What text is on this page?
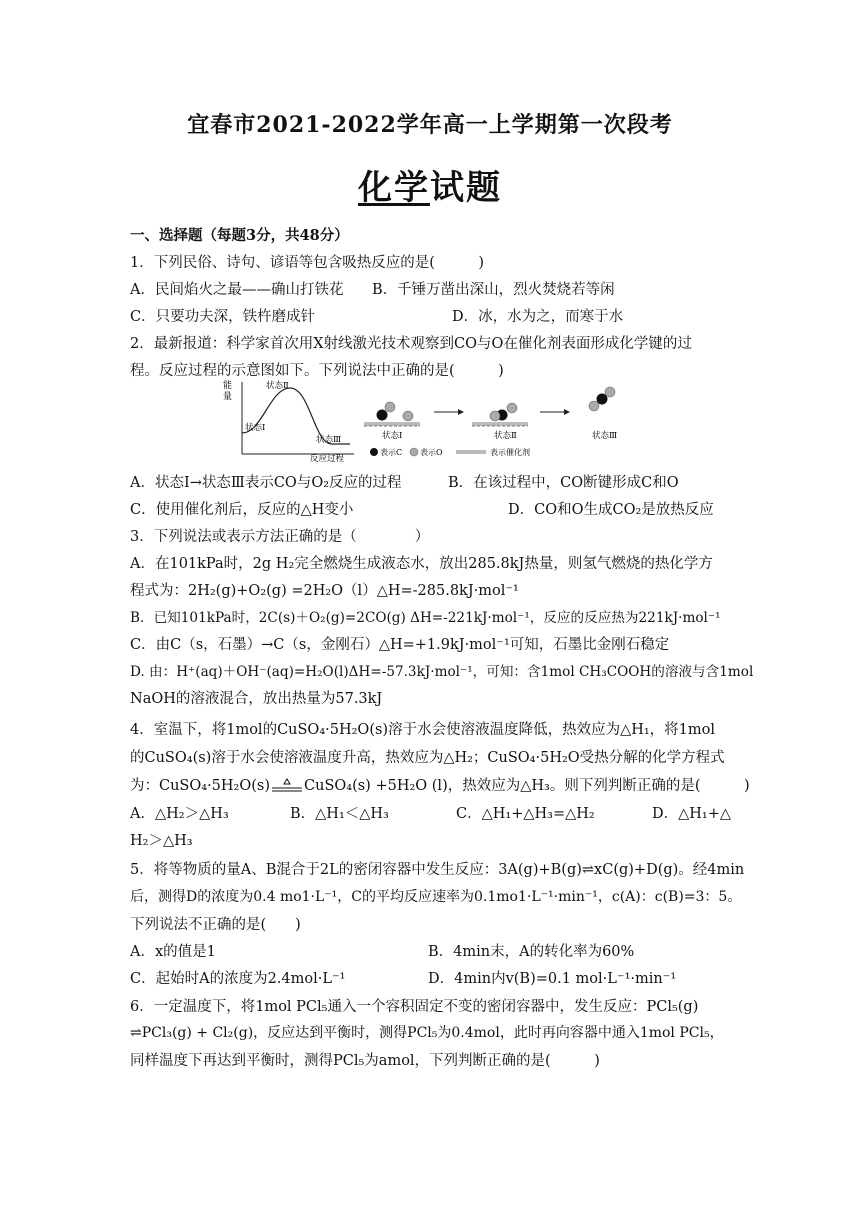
宜春市2021-2022学年高一上学期第一次段考
化学试题
一、选择题（每题3分，共48分）
1．下列民俗、诗句、谚语等包含吸热反应的是(　　　)
A．民间焰火之最——确山打铁花 B．千锤万凿出深山，烈火焚烧若等闲
C．只要功夫深，铁杵磨成针	D．冰，水为之，而寒于水
2．最新报道：科学家首次用X射线激光技术观察到CO与O在催化剂表面形成化学键的过
程。反应过程的示意图如下。下列说法中正确的是(　　　)
能
量
状态Ⅱ
状态Ⅰ
状态Ⅲ
反应过程
状态Ⅰ	状态Ⅱ	状态Ⅲ
表示C 表示O	表示催化剂
A．状态Ⅰ→状态Ⅲ表示CO与O₂反应的过程	B．在该过程中，CO断键形成C和O
C．使用催化剂后，反应的△H变小	D．CO和O生成CO₂是放热反应
3．下列说法或表示方法正确的是（　　　　）
A．在101kPa时，2g H₂完全燃烧生成液态水，放出285.8kJ热量，则氢气燃烧的热化学方
程式为：2H₂(g)+O₂(g) =2H₂O（l）△H=-285.8kJ·mol⁻¹
B．已知101kPa时，2C(s)＋O₂(g)=2CO(g) ΔH=-221kJ·mol⁻¹，反应的反应热为221kJ·mol⁻¹
C．由C（s，石墨）→C（s，金刚石）△H=+1.9kJ·mol⁻¹可知，石墨比金刚石稳定
D. 由：H⁺(aq)＋OH⁻(aq)=H₂O(l)ΔH=-57.3kJ·mol⁻¹，可知：含1mol CH₃COOH的溶液与含1mol
NaOH的溶液混合，放出热量为57.3kJ
4．室温下，将1mol的CuSO₄·5H₂O(s)溶于水会使溶液温度降低，热效应为△H₁，将1mol
的CuSO₄(s)溶于水会使溶液温度升高，热效应为△H₂；CuSO₄·5H₂O受热分解的化学方程式
为：CuSO₄·5H₂O(s) CuSO₄(s) +5H₂O (l)，热效应为△H₃。则下列判断正确的是(　　　)
A．△H₂＞△H₃	B．△H₁＜△H₃	C．△H₁+△H₃=△H₂	D．△H₁+△
H₂＞△H₃
5．将等物质的量A、B混合于2L的密闭容器中发生反应：3A(g)+B(g)⇌xC(g)+D(g)。经4min
后，测得D的浓度为0.4 mo1·L⁻¹，C的平均反应速率为0.1mo1·L⁻¹·min⁻¹，c(A)：c(B)=3：5。
下列说法不正确的是(　　)
A．x的值是1	B．4min末，A的转化率为60%
C．起始时A的浓度为2.4mol·L⁻¹	D．4min内v(B)=0.1 mol·L⁻¹·min⁻¹
6．一定温度下，将1mol PCl₅通入一个容积固定不变的密闭容器中，发生反应：PCl₅(g)
⇌PCl₃(g) + Cl₂(g)，反应达到平衡时，测得PCl₅为0.4mol，此时再向容器中通入1mol PCl₅，
同样温度下再达到平衡时，测得PCl₅为amol，下列判断正确的是(　　　)
